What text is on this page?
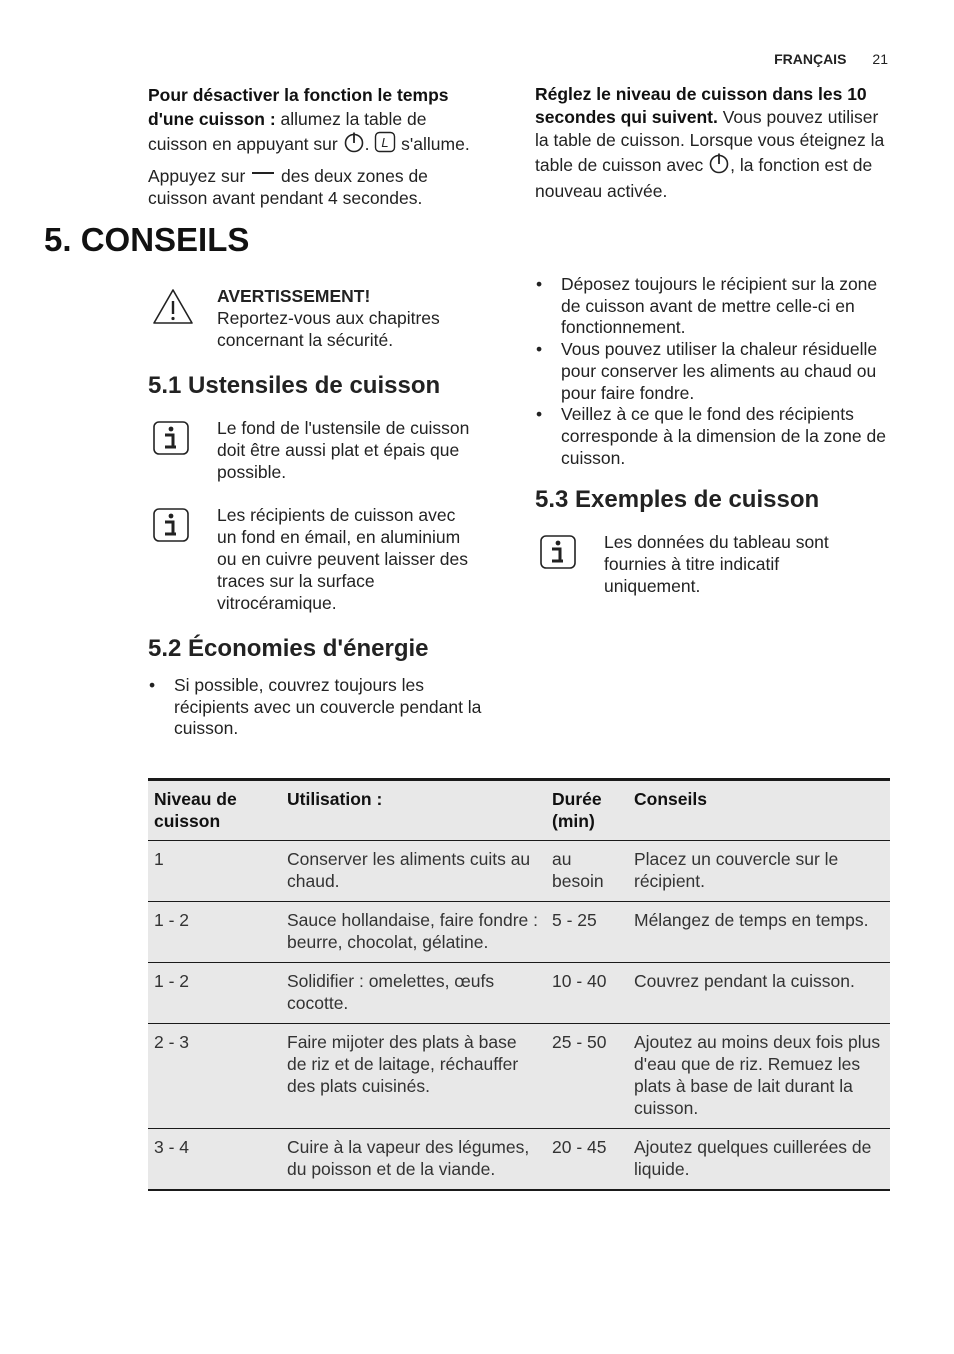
FRANÇAIS 21

Pour désactiver la fonction le temps d'une cuisson : allumez la table de cuisson en appuyant sur . L s'allume.

Appuyez sur  des deux zones de cuisson avant pendant 4 secondes.

Réglez le niveau de cuisson dans les 10 secondes qui suivent. Vous pouvez utiliser la table de cuisson. Lorsque vous éteignez la table de cuisson avec , la fonction est de nouveau activée.

5. CONSEILS
AVERTISSEMENT!
Reportez-vous aux chapitres concernant la sécurité.
5.1 Ustensiles de cuisson
Le fond de l'ustensile de cuisson doit être aussi plat et épais que possible.
Les récipients de cuisson avec un fond en émail, en aluminium ou en cuivre peuvent laisser des traces sur la surface vitrocéramique.
5.2 Économies d'énergie
• Si possible, couvrez toujours les récipients avec un couvercle pendant la cuisson.
• Déposez toujours le récipient sur la zone de cuisson avant de mettre celle-ci en fonctionnement.
• Vous pouvez utiliser la chaleur résiduelle pour conserver les aliments au chaud ou pour faire fondre.
• Veillez à ce que le fond des récipients corresponde à la dimension de la zone de cuisson.
5.3 Exemples de cuisson
Les données du tableau sont fournies à titre indicatif uniquement.
Niveau de cuisson	Utilisation :	Durée (min)	Conseils
1	Conserver les aliments cuits au chaud.	au besoin	Placez un couvercle sur le récipient.
1 - 2	Sauce hollandaise, faire fondre : beurre, chocolat, gélatine.	5 - 25	Mélangez de temps en temps.
1 - 2	Solidifier : omelettes, œufs cocotte.	10 - 40	Couvrez pendant la cuisson.
2 - 3	Faire mijoter des plats à base de riz et de laitage, réchauffer des plats cuisinés.	25 - 50	Ajoutez au moins deux fois plus d'eau que de riz. Remuez les plats à base de lait durant la cuisson.
3 - 4	Cuire à la vapeur des légumes, du poisson et de la viande.	20 - 45	Ajoutez quelques cuillerées de liquide.
